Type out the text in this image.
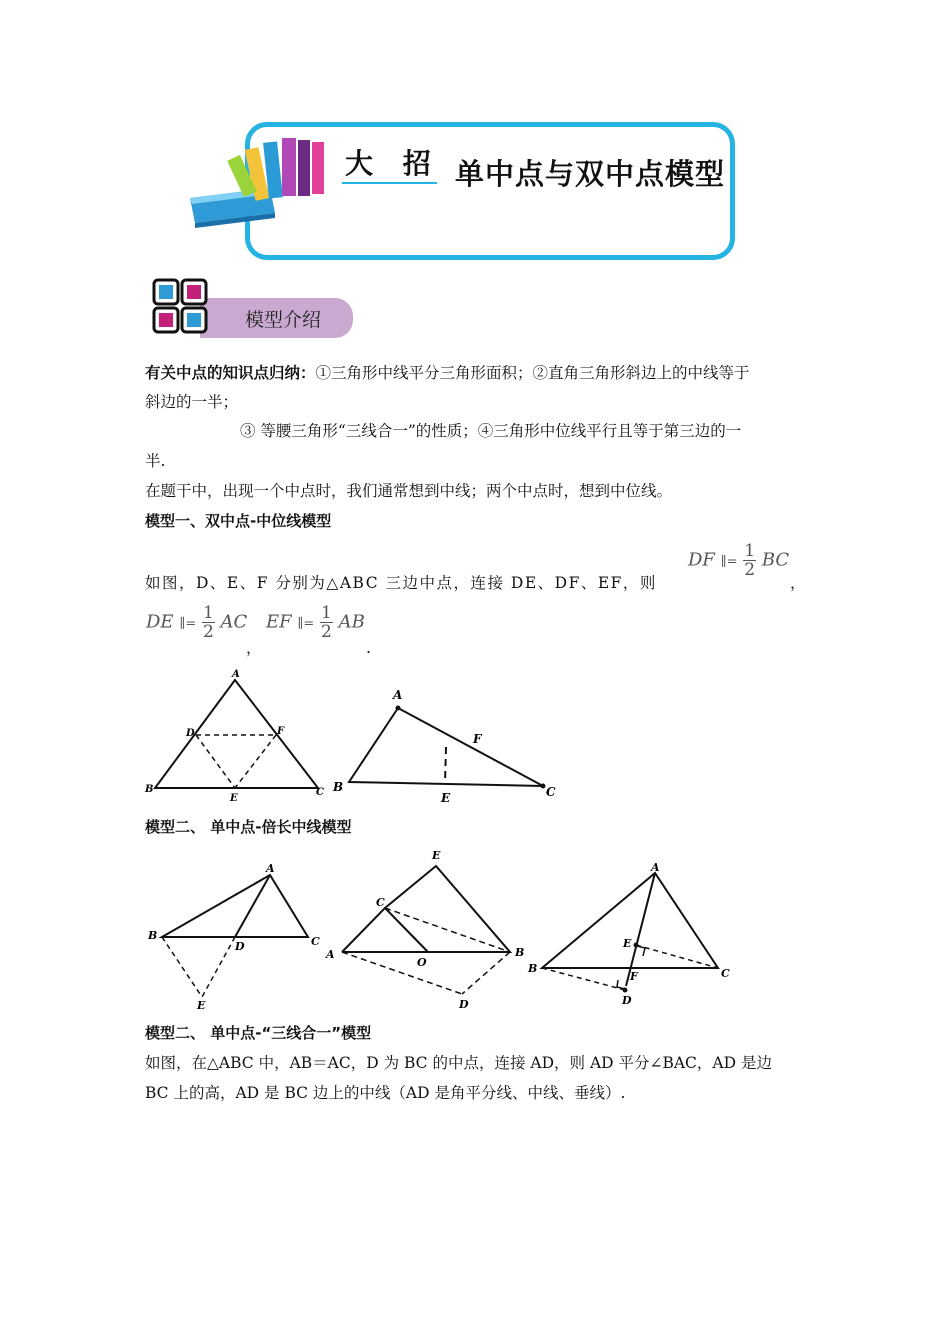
大 招 单中点与双中点模型
模型介绍
有关中点的知识点归纳：①三角形中线平分三角形面积；②直角三角形斜边上的中线等于
斜边的一半；
③ 等腰三角形“三线合一”的性质；④三角形中位线平行且等于第三边的一
半.
在题干中，出现一个中点时，我们通常想到中线；两个中点时，想到中位线。
模型一、双中点-中位线模型
如图，D、E、F 分别为△ABC 三边中点，连接 DE、DF、EF，则
DF ∥= $\frac{1}{2}$ BC
，
DE ∥= $\frac{1}{2}$ AC
，
EF ∥= $\frac{1}{2}$ AB
.
A
B	C
D
E
F
A
B	C
E
F
模型二、 单中点-倍长中线模型
A
B	C
D
E
A	B
C
D
E
O
A
B	C
D
E
F
模型二、 单中点-“三线合一”模型
如图，在△ABC 中，AB＝AC，D 为 BC 的中点，连接 AD，则 AD 平分∠BAC，AD 是边
BC 上的高，AD 是 BC 边上的中线（AD 是角平分线、中线、垂线）.
